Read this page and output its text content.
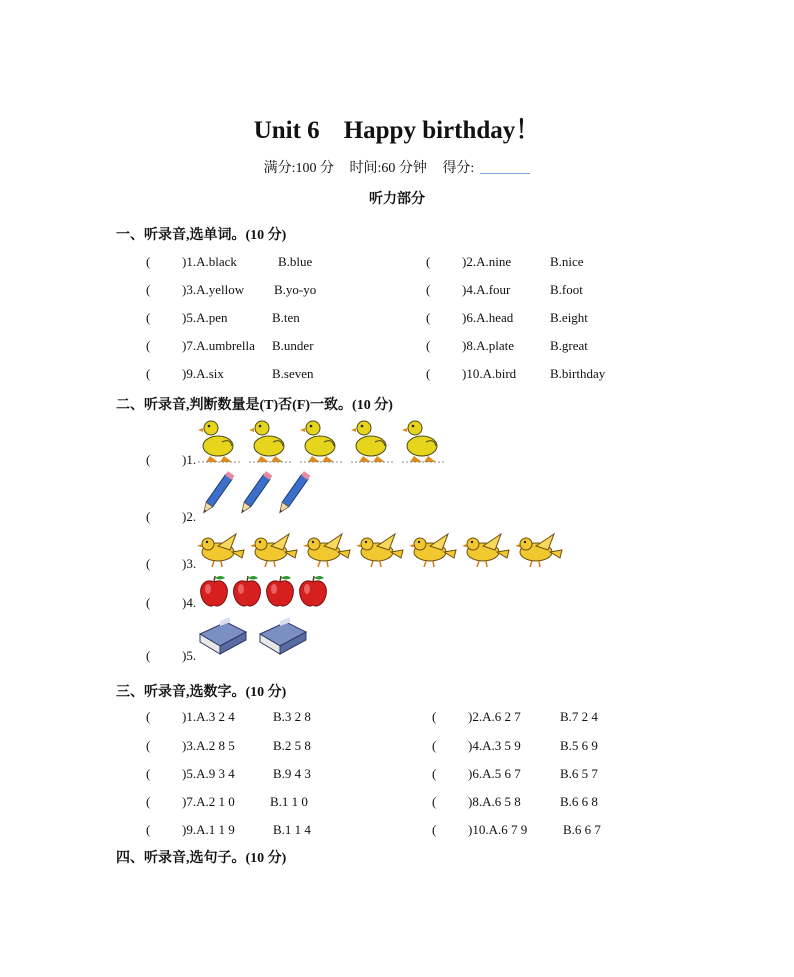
Unit 6 Happy birthday！
满分:100 分 时间:60 分钟 得分:
听力部分
一、听录音,选单词。(10 分)
( )1.A.black	B.blue	( )2.A.nine	B.nice
( )3.A.yellow B.yo-yo	( )4.A.four	B.foot
( )5.A.pen	B.ten	( )6.A.head	B.eight
( )7.A.umbrella B.under	( )8.A.plate	B.great
( )9.A.six	B.seven	( )10.A.bird	B.birthday
二、听录音,判断数量是(T)否(F)一致。(10 分)
( )1.
( )2.
( )3.
( )4.
( )5.
三、听录音,选数字。(10 分)
( )1.A.3 2 4	B.3 2 8	( )2.A.6 2 7	B.7 2 4
( )3.A.2 8 5	B.2 5 8	( )4.A.3 5 9	B.5 6 9
( )5.A.9 3 4	B.9 4 3	( )6.A.5 6 7	B.6 5 7
( )7.A.2 1 0	B.1 1 0	( )8.A.6 5 8	B.6 6 8
( )9.A.1 1 9	B.1 1 4	( )10.A.6 7 9	B.6 6 7
四、听录音,选句子。(10 分)
